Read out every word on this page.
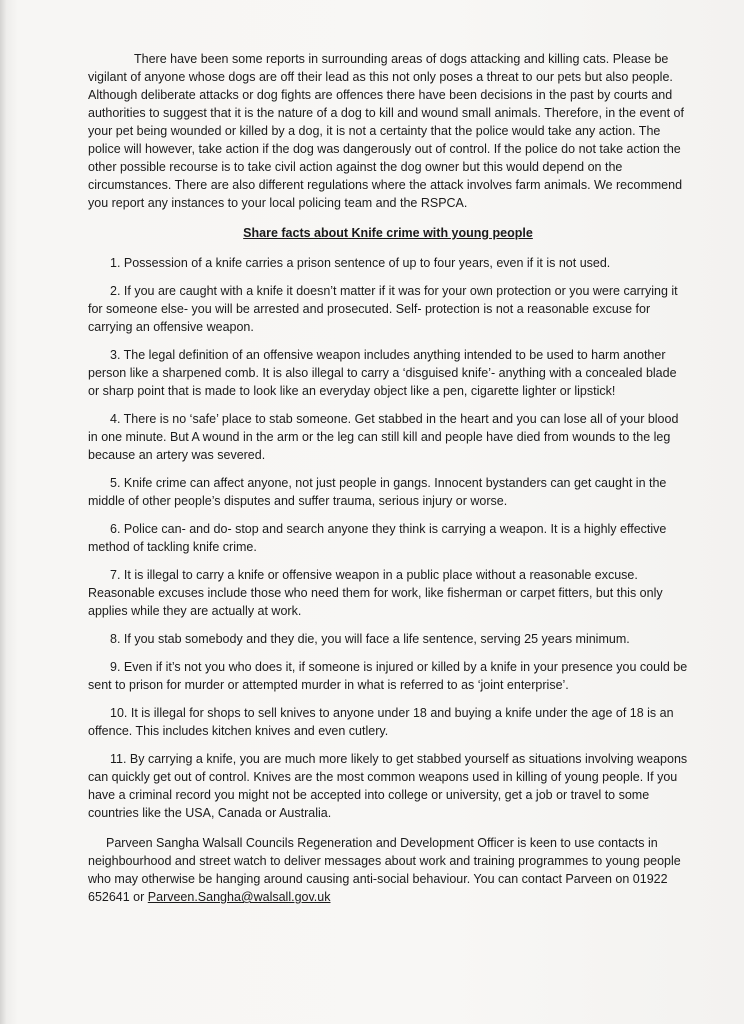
There have been some reports in surrounding areas of dogs attacking and killing cats. Please be vigilant of anyone whose dogs are off their lead as this not only poses a threat to our pets but also people. Although deliberate attacks or dog fights are offences there have been decisions in the past by courts and authorities to suggest that it is the nature of a dog to kill and wound small animals. Therefore, in the event of your pet being wounded or killed by a dog, it is not a certainty that the police would take any action. The police will however, take action if the dog was dangerously out of control. If the police do not take action the other possible recourse is to take civil action against the dog owner but this would depend on the circumstances. There are also different regulations where the attack involves farm animals. We recommend you report any instances to your local policing team and the RSPCA.

Share facts about Knife crime with young people

1. Possession of a knife carries a prison sentence of up to four years, even if it is not used.

2. If you are caught with a knife it doesn’t matter if it was for your own protection or you were carrying it for someone else- you will be arrested and prosecuted. Self- protection is not a reasonable excuse for carrying an offensive weapon.

3. The legal definition of an offensive weapon includes anything intended to be used to harm another person like a sharpened comb. It is also illegal to carry a ‘disguised knife’- anything with a concealed blade or sharp point that is made to look like an everyday object like a pen, cigarette lighter or lipstick!

4. There is no ‘safe’ place to stab someone. Get stabbed in the heart and you can lose all of your blood in one minute. But A wound in the arm or the leg can still kill and people have died from wounds to the leg because an artery was severed.

5. Knife crime can affect anyone, not just people in gangs. Innocent bystanders can get caught in the middle of other people’s disputes and suffer trauma, serious injury or worse.

6. Police can- and do- stop and search anyone they think is carrying a weapon. It is a highly effective method of tackling knife crime.

7. It is illegal to carry a knife or offensive weapon in a public place without a reasonable excuse. Reasonable excuses include those who need them for work, like fisherman or carpet fitters, but this only applies while they are actually at work.

8. If you stab somebody and they die, you will face a life sentence, serving 25 years minimum.

9. Even if it’s not you who does it, if someone is injured or killed by a knife in your presence you could be sent to prison for murder or attempted murder in what is referred to as ‘joint enterprise’.

10. It is illegal for shops to sell knives to anyone under 18 and buying a knife under the age of 18 is an offence. This includes kitchen knives and even cutlery.

11. By carrying a knife, you are much more likely to get stabbed yourself as situations involving weapons can quickly get out of control. Knives are the most common weapons used in killing of young people. If you have a criminal record you might not be accepted into college or university, get a job or travel to some countries like the USA, Canada or Australia.

Parveen Sangha Walsall Councils Regeneration and Development Officer is keen to use contacts in neighbourhood and street watch to deliver messages about work and training programmes to young people who may otherwise be hanging around causing anti-social behaviour. You can contact Parveen on 01922 652641 or Parveen.Sangha@walsall.gov.uk
